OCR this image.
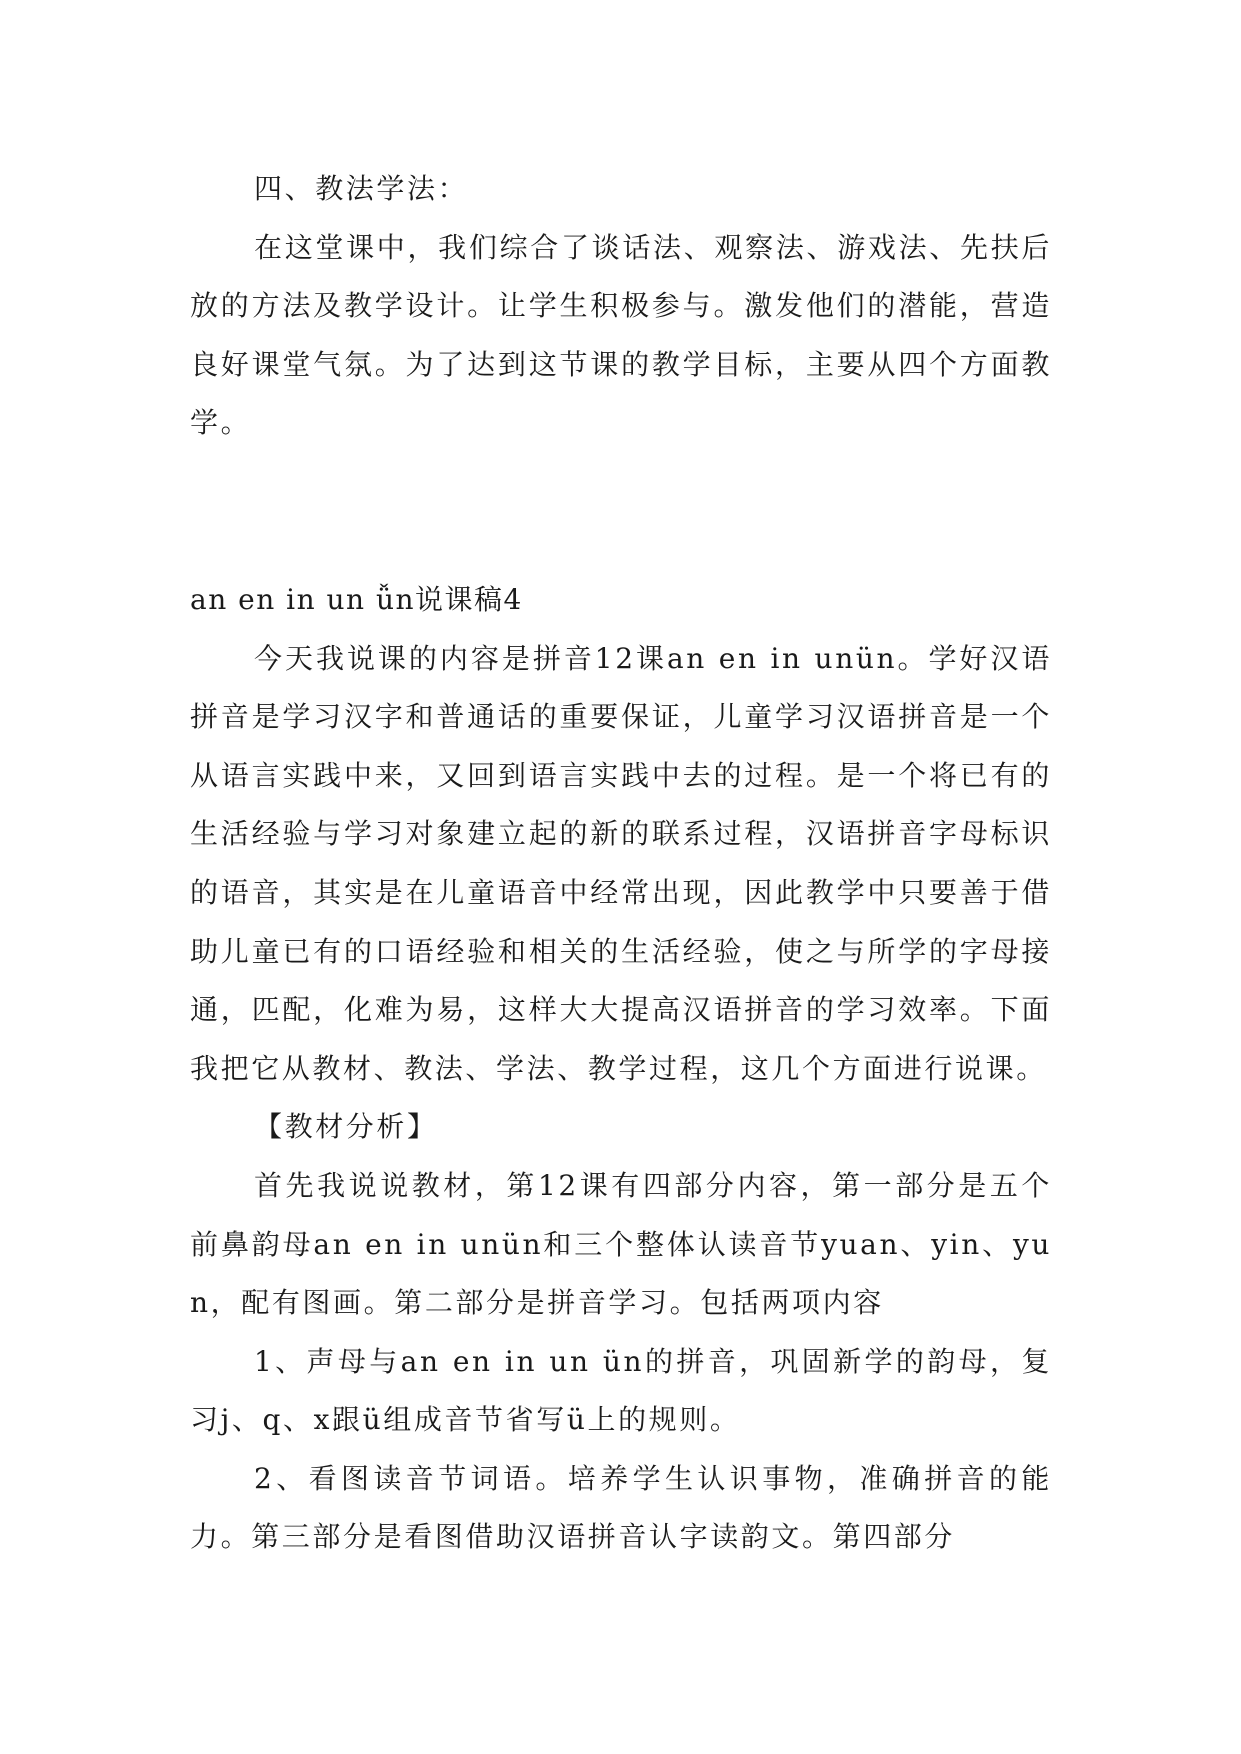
四、教法学法：

在这堂课中，我们综合了谈话法、观察法、游戏法、先扶后放的方法及教学设计。让学生积极参与。激发他们的潜能，营造良好课堂气氛。为了达到这节课的教学目标，主要从四个方面教学。

an en in un ǚn说课稿4

今天我说课的内容是拼音12课an en in unün。学好汉语拼音是学习汉字和普通话的重要保证，儿童学习汉语拼音是一个从语言实践中来，又回到语言实践中去的过程。是一个将已有的生活经验与学习对象建立起的新的联系过程，汉语拼音字母标识的语音，其实是在儿童语音中经常出现，因此教学中只要善于借助儿童已有的口语经验和相关的生活经验，使之与所学的字母接通，匹配，化难为易，这样大大提高汉语拼音的学习效率。下面我把它从教材、教法、学法、教学过程，这几个方面进行说课。

【教材分析】

首先我说说教材，第12课有四部分内容，第一部分是五个前鼻韵母an en in unün和三个整体认读音节yuan、yin、yun，配有图画。第二部分是拼音学习。包括两项内容

1、声母与an en in un ün的拼音，巩固新学的韵母，复习j、q、x跟ü组成音节省写ü上的规则。

2、看图读音节词语。培养学生认识事物，准确拼音的能力。第三部分是看图借助汉语拼音认字读韵文。第四部分
